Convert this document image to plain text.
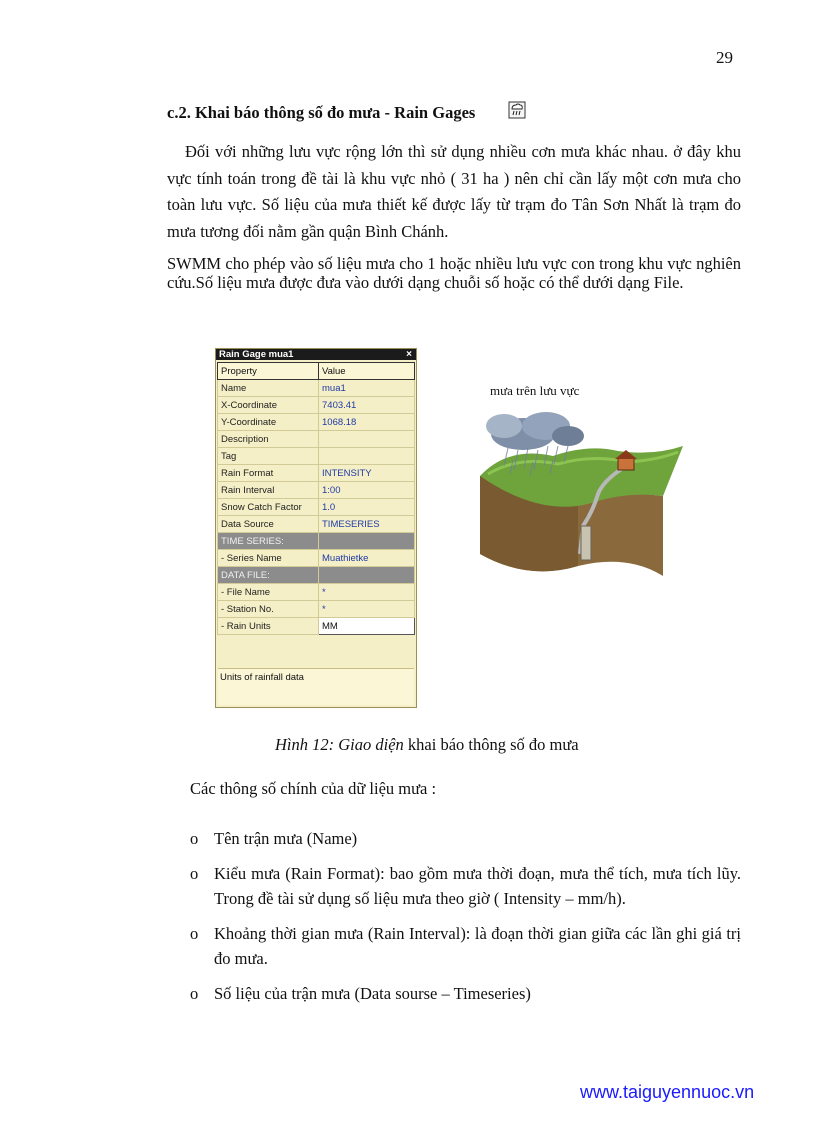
29
c.2. Khai báo thông số đo mưa - Rain Gages
Đối với những lưu vực rộng lớn thì sử dụng nhiều cơn mưa khác nhau. ở đây khu vực tính toán trong đề tài là khu vực nhỏ ( 31 ha ) nên chỉ cần lấy một cơn mưa cho toàn lưu vực. Số liệu của mưa thiết kế được lấy từ trạm đo Tân Sơn Nhất là trạm đo mưa tương đối nằm gần quận Bình Chánh.
SWMM cho phép vào số liệu mưa cho 1 hoặc nhiều lưu vực con trong khu vực nghiên cứu.Số liệu mưa được đưa vào dưới dạng chuỗi số hoặc có thể dưới dạng File.
Rain Gage mua1	×
Property	Value
Name	mua1
X-Coordinate	7403.41
Y-Coordinate	1068.18
Description	
Tag	
Rain Format	INTENSITY
Rain Interval	1:00
Snow Catch Factor	1.0
Data Source	TIMESERIES
TIME SERIES:	
- Series Name	Muathietke
DATA FILE:	
- File Name	*
- Station No.	*
- Rain Units	MM
Units of rainfall data
mưa trên lưu vực
Hình 12: Giao diện khai báo thông số đo mưa
Các thông số chính của dữ liệu mưa :
o Tên trận mưa (Name)
o Kiểu mưa (Rain Format): bao gồm mưa thời đoạn, mưa thể tích, mưa tích lũy. Trong đề tài sử dụng số liệu mưa theo giờ ( Intensity – mm/h).
o Khoảng thời gian mưa (Rain Interval): là đoạn thời gian giữa các lần ghi giá trị đo mưa.
o Số liệu của trận mưa (Data sourse – Timeseries)
www.taiguyennuoc.vn
